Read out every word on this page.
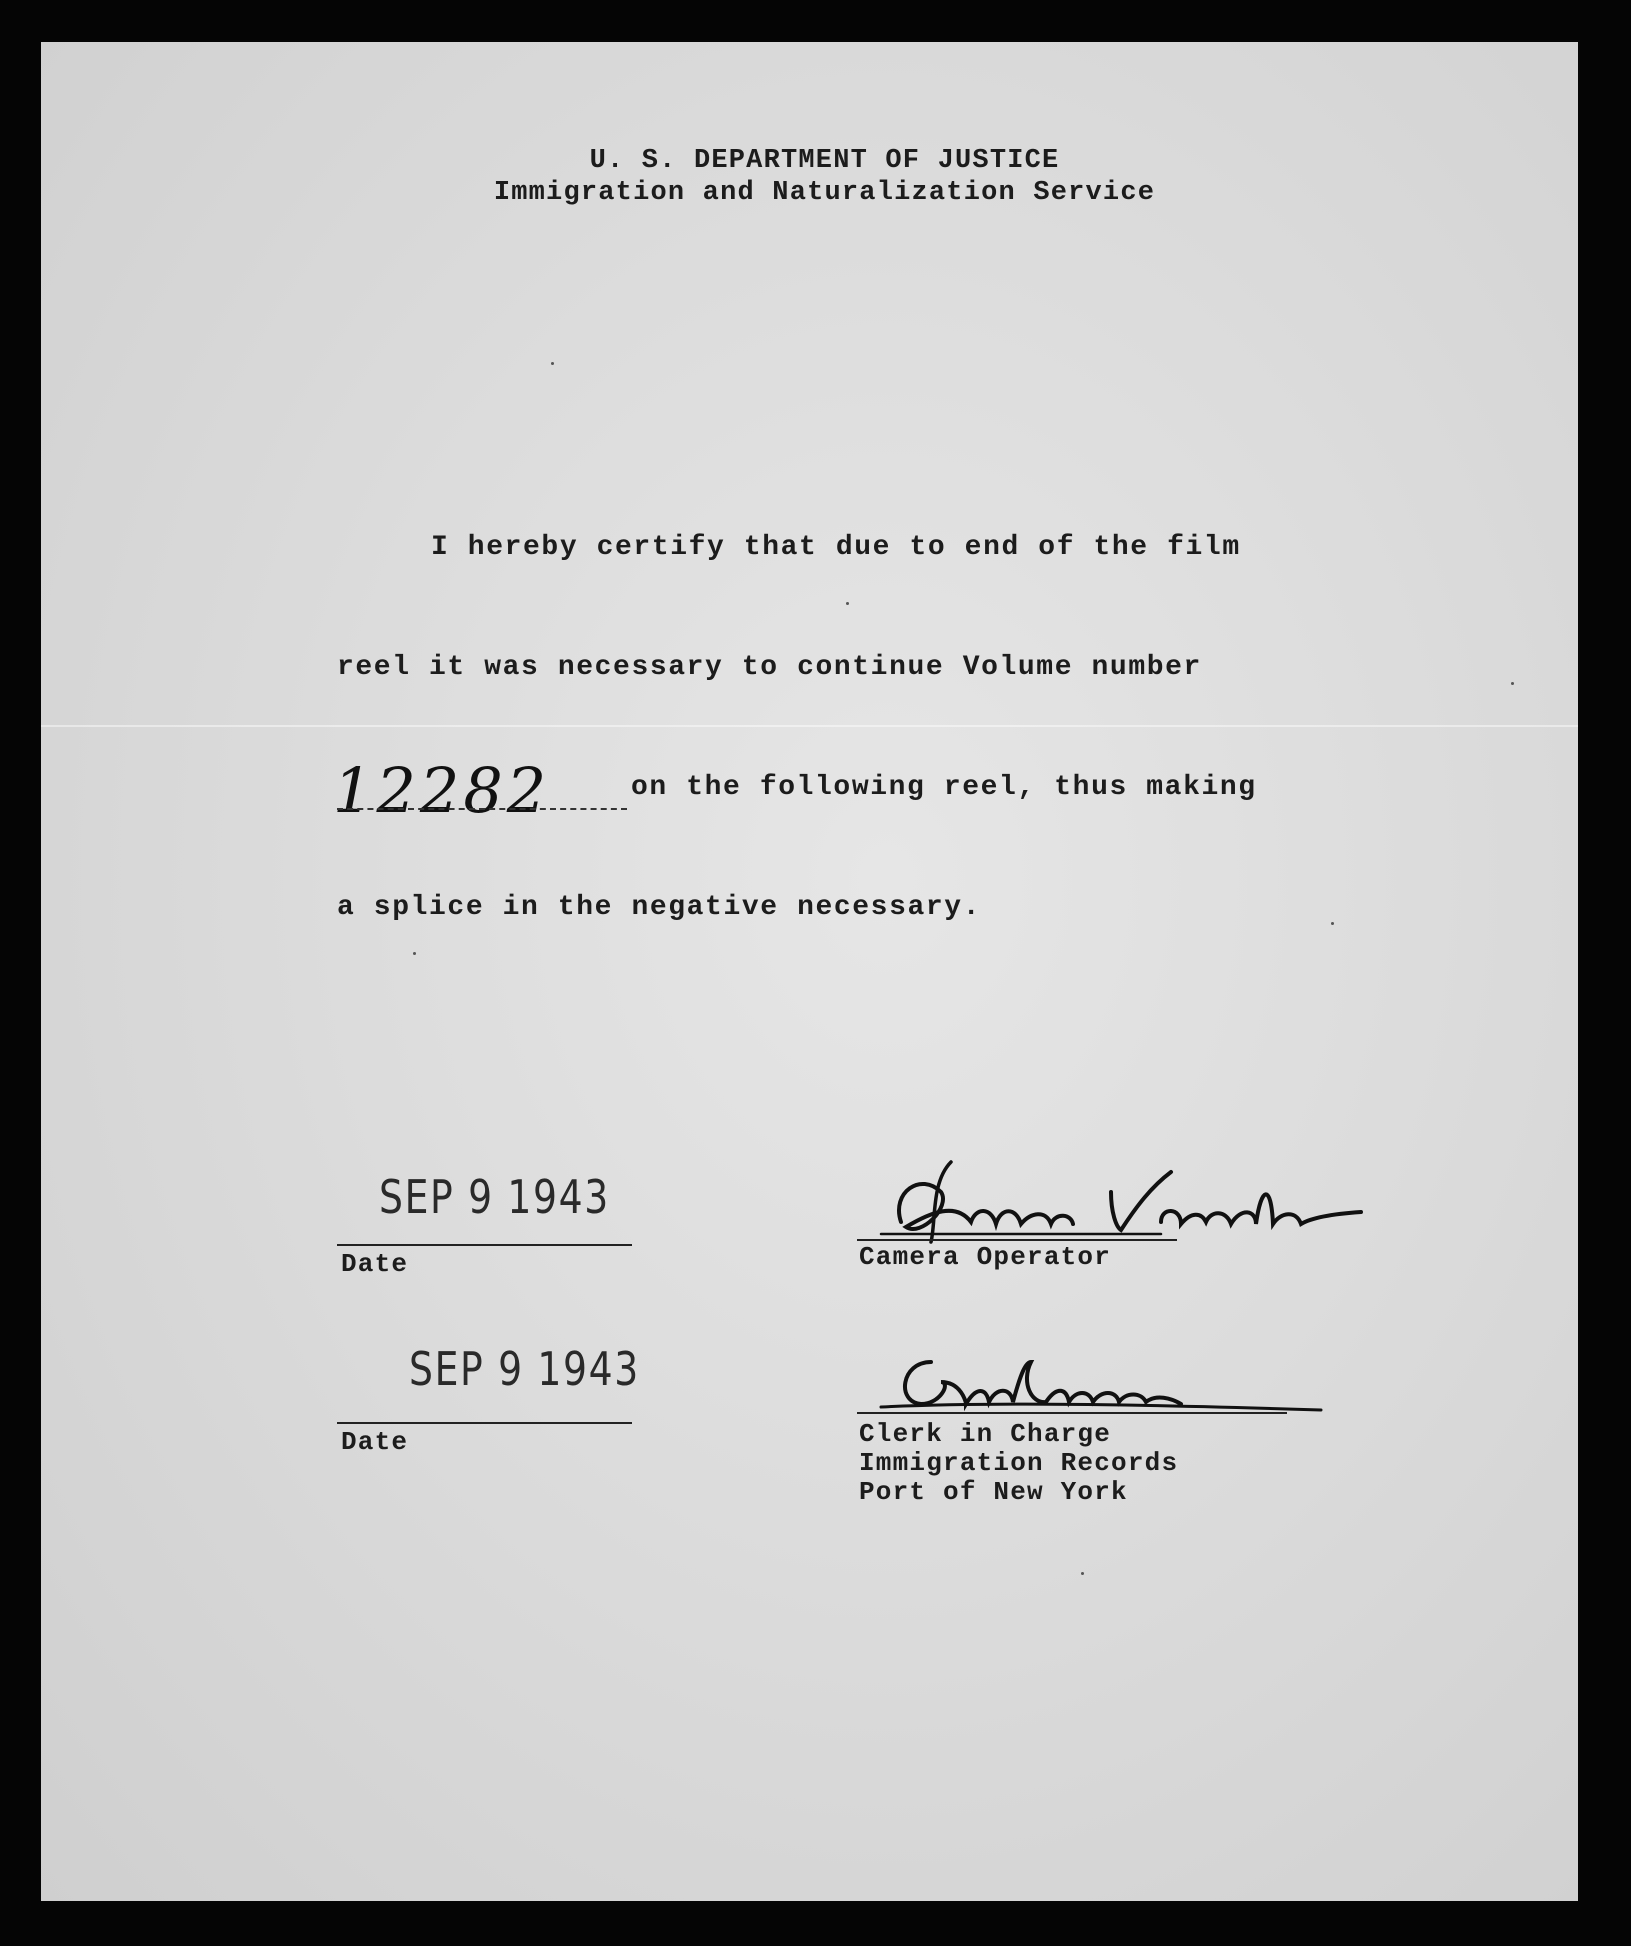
U. S. DEPARTMENT OF JUSTICE
Immigration and Naturalization Service
I hereby certify that due to end of the film
reel it was necessary to continue Volume number
12282	on the following reel, thus making
a splice in the negative necessary.
SEP 9 1943
Date	Camera Operator
SEP 9 1943
Date	Clerk in Charge
Immigration Records
Port of New York
